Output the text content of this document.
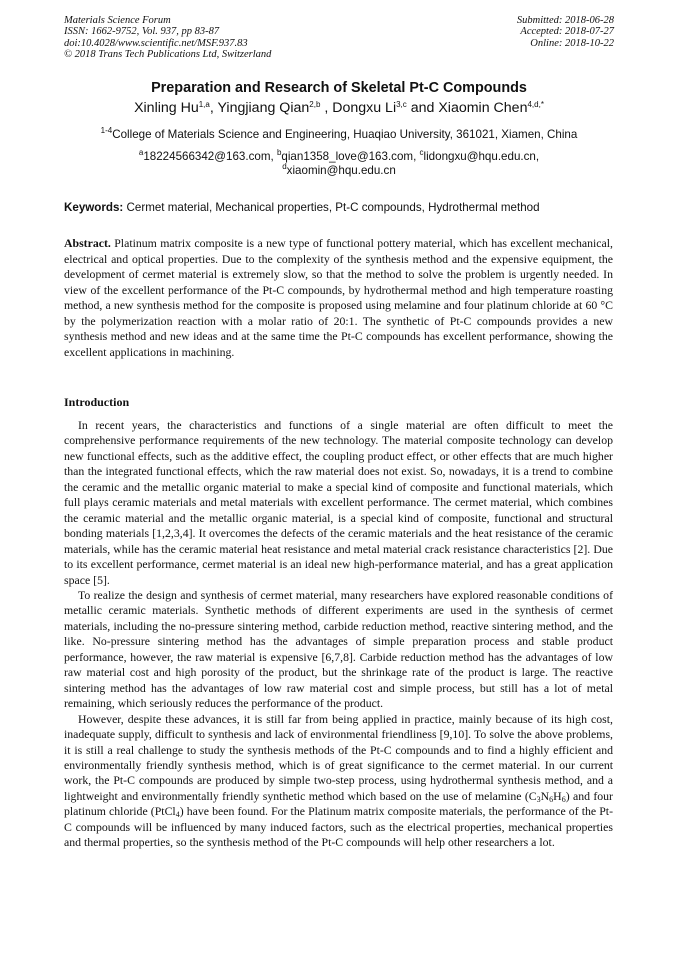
Materials Science Forum
ISSN: 1662-9752, Vol. 937, pp 83-87
doi:10.4028/www.scientific.net/MSF.937.83
© 2018 Trans Tech Publications Ltd, Switzerland
Submitted: 2018-06-28
Accepted: 2018-07-27
Online: 2018-10-22
Preparation and Research of Skeletal Pt-C Compounds
Xinling Hu$^{1,a}$, Yingjiang Qian$^{2,b}$ , Dongxu Li$^{3,c}$ and Xiaomin Chen$^{4,d,*}$
$^{1-4}$College of Materials Science and Engineering, Huaqiao University, 361021, Xiamen, China
$^a$18224566342@163.com, $^b$qian1358_love@163.com, $^c$lidongxu@hqu.edu.cn,
$^d$xiaomin@hqu.edu.cn
Keywords: Cermet material, Mechanical properties, Pt-C compounds, Hydrothermal method

Abstract. Platinum matrix composite is a new type of functional pottery material, which has excellent mechanical, electrical and optical properties. Due to the complexity of the synthesis method and the expensive equipment, the development of cermet material is extremely slow, so that the method to solve the problem is urgently needed. In view of the excellent performance of the Pt-C compounds, by hydrothermal method and high temperature roasting method, a new synthesis method for the composite is proposed using melamine and four platinum chloride at 60 °C by the polymerization reaction with a molar ratio of 20:1. The synthetic of Pt-C compounds provides a new synthesis method and new ideas and at the same time the Pt-C compounds has excellent performance, showing the excellent applications in machining.

Introduction

In recent years, the characteristics and functions of a single material are often difficult to meet the comprehensive performance requirements of the new technology. The material composite technology can develop new functional effects, such as the additive effect, the coupling product effect, or other effects that are much higher than the integrated functional effects, which the raw material does not exist. So, nowadays, it is a trend to combine the ceramic and the metallic organic material to make a special kind of composite and functional materials, which full plays ceramic materials and metal materials with excellent performance. The cermet material, which combines the ceramic material and the metallic organic material, is a special kind of composite, functional and structural bonding materials [1,2,3,4]. It overcomes the defects of the ceramic materials and the heat resistance of the ceramic materials, while has the ceramic material heat resistance and metal material crack resistance characteristics [2]. Due to its excellent performance, cermet material is an ideal new high-performance material, and has a great application space [5].

To realize the design and synthesis of cermet material, many researchers have explored reasonable conditions of metallic ceramic materials. Synthetic methods of different experiments are used in the synthesis of cermet materials, including the no-pressure sintering method, carbide reduction method, reactive sintering method, and the like. No-pressure sintering method has the advantages of simple preparation process and stable product performance, however, the raw material is expensive [6,7,8]. Carbide reduction method has the advantages of low raw material cost and high porosity of the product, but the shrinkage rate of the product is large. The reactive sintering method has the advantages of low raw material cost and simple process, but still has a lot of metal remaining, which seriously reduces the performance of the product.

However, despite these advances, it is still far from being applied in practice, mainly because of its high cost, inadequate supply, difficult to synthesis and lack of environmental friendliness [9,10]. To solve the above problems, it is still a real challenge to study the synthesis methods of the Pt-C compounds and to find a highly efficient and environmentally friendly synthesis method, which is of great significance to the cermet material. In our current work, the Pt-C compounds are produced by simple two-step process, using hydrothermal synthesis method, and a lightweight and environmentally friendly synthetic method which based on the use of melamine $(C_3N_6H_6)$ and four platinum chloride (PtCl$_4$) have been found. For the Platinum matrix composite materials, the performance of the Pt-C compounds will be influenced by many induced factors, such as the electrical properties, mechanical properties and thermal properties, so the synthesis method of the Pt-C compounds will help other researchers a lot.
